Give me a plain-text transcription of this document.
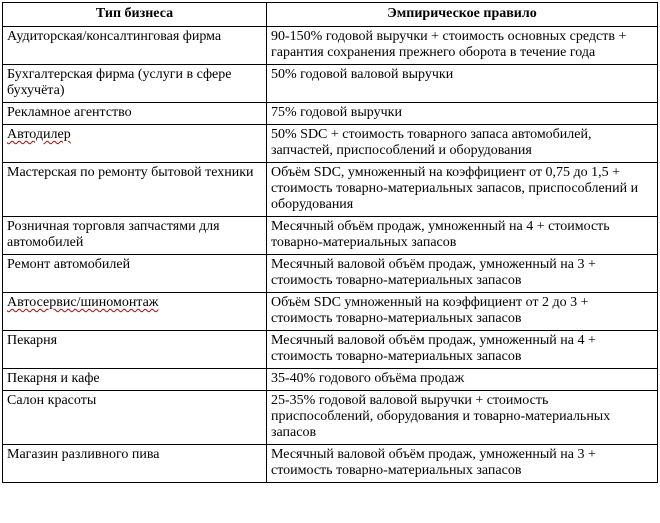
Тип бизнеса	Эмпирическое правило
Аудиторская/консалтинговая фирма	90-150% годовой выручки + стоимость основных средств + гарантия сохранения прежнего оборота в течение года
Бухгалтерская фирма (услуги в сфере бухучёта)	50% годовой валовой выручки
Рекламное агентство	75% годовой выручки
Автодилер	50% SDC + стоимость товарного запаса автомобилей, запчастей, приспособлений и оборудования
Мастерская по ремонту бытовой техники	Объём SDC, умноженный на коэффициент от 0,75 до 1,5 + стоимость товарно-материальных запасов, приспособлений и оборудования
Розничная торговля запчастями для автомобилей	Месячный объём продаж, умноженный на 4 + стоимость товарно-материальных запасов
Ремонт автомобилей	Месячный валовой объём продаж, умноженный на 3 + стоимость товарно-материальных запасов
Автосервис/шиномонтаж	Объём SDC умноженный на коэффициент от 2 до 3 + стоимость товарно-материальных запасов
Пекарня	Месячный валовой объём продаж, умноженный на 4 + стоимость товарно-материальных запасов
Пекарня и кафе	35-40% годового объёма продаж
Салон красоты	25-35% годовой валовой выручки + стоимость приспособлений, оборудования и товарно-материальных запасов
Магазин разливного пива	Месячный валовой объём продаж, умноженный на 3 + стоимость товарно-материальных запасов
